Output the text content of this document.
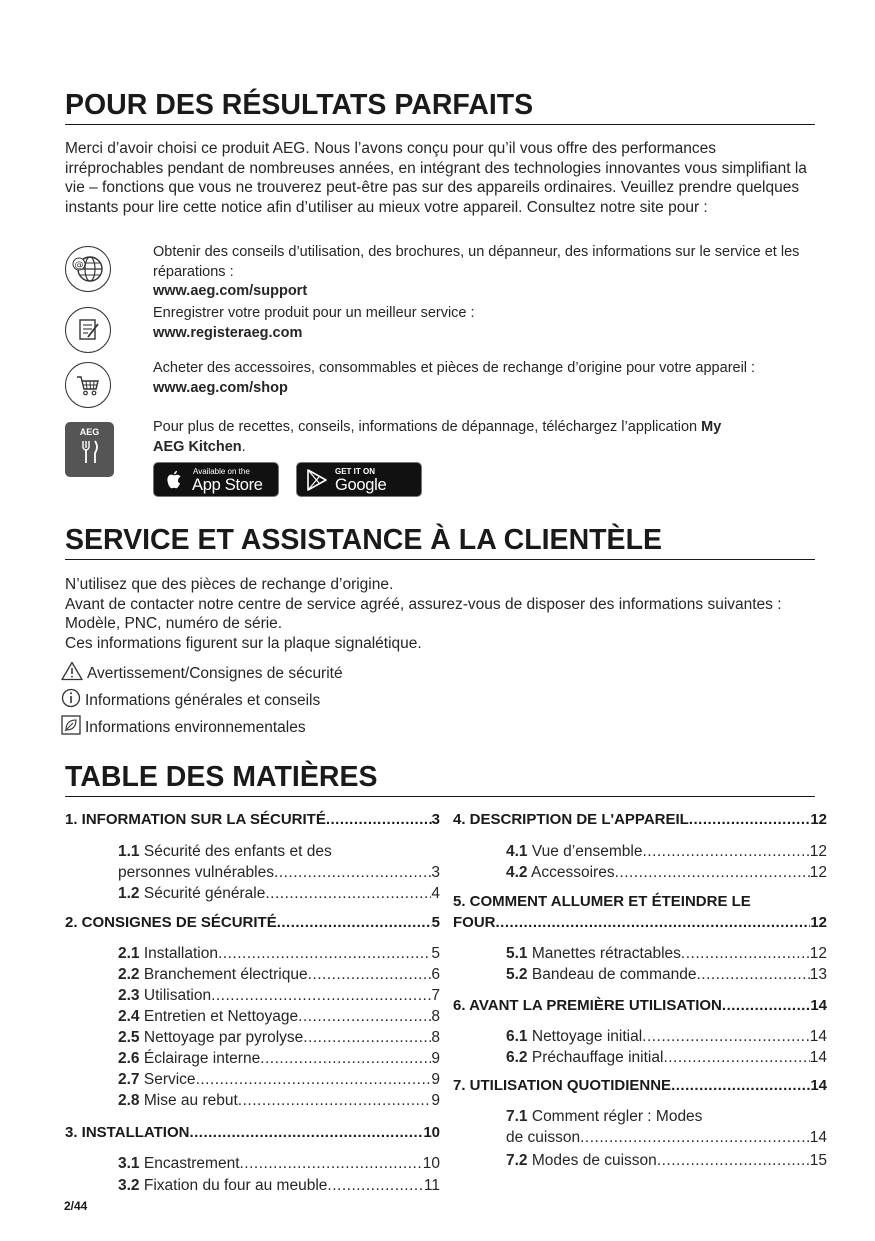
POUR DES RÉSULTATS PARFAITS

Merci d’avoir choisi ce produit AEG. Nous l’avons conçu pour qu’il vous offre des performances irréprochables pendant de nombreuses années, en intégrant des technologies innovantes vous simplifiant la vie – fonctions que vous ne trouverez peut-être pas sur des appareils ordinaires. Veuillez prendre quelques instants pour lire cette notice afin d’utiliser au mieux votre appareil. Consultez notre site pour :

@
Obtenir des conseils d’utilisation, des brochures, un dépanneur, des informations sur le service et les réparations :
www.aeg.com/support
Enregistrer votre produit pour un meilleur service :
www.registeraeg.com
Acheter des accessoires, consommables et pièces de rechange d’origine pour votre appareil :
www.aeg.com/shop
AEG	Pour plus de recettes, conseils, informations de dépannage, téléchargez l’application My
AEG Kitchen.
Available on the
App Store
GET IT ON
Google Play
SERVICE ET ASSISTANCE À LA CLIENTÈLE

N’utilisez que des pièces de rechange d’origine.

Avant de contacter notre centre de service agréé, assurez-vous de disposer des informations suivantes : Modèle, PNC, numéro de série.

Ces informations figurent sur la plaque signalétique.

Avertissement/Consignes de sécurité
Informations générales et conseils
Informations environnementales
TABLE DES MATIÈRES
1. INFORMATION SUR LA SÉCURITÉ .....	3
1.1 Sécurité des enfants et des
personnes vulnérables .....	3
1.2 Sécurité générale .....	4
2. CONSIGNES DE SÉCURITÉ .....	5
2.1 Installation .....	5
2.2 Branchement électrique .....	6
2.3 Utilisation .....	7
2.4 Entretien et Nettoyage .....	8
2.5 Nettoyage par pyrolyse .....	8
2.6 Éclairage interne .....	9
2.7 Service .....	9
2.8 Mise au rebut .....	9
3. INSTALLATION .....	10
3.1 Encastrement .....	10
3.2 Fixation du four au meuble .....	11
4. DESCRIPTION DE L'APPAREIL .....	12
4.1 Vue d’ensemble .....	12
4.2 Accessoires .....	12
5. COMMENT ALLUMER ET ÉTEINDRE LE
FOUR .....	12
5.1 Manettes rétractables .....	12
5.2 Bandeau de commande .....	13
6. AVANT LA PREMIÈRE UTILISATION .....	14
6.1 Nettoyage initial .....	14
6.2 Préchauffage initial .....	14
7. UTILISATION QUOTIDIENNE .....	14
7.1 Comment régler : Modes
de cuisson .....	14
7.2 Modes de cuisson .....	15
2/44
